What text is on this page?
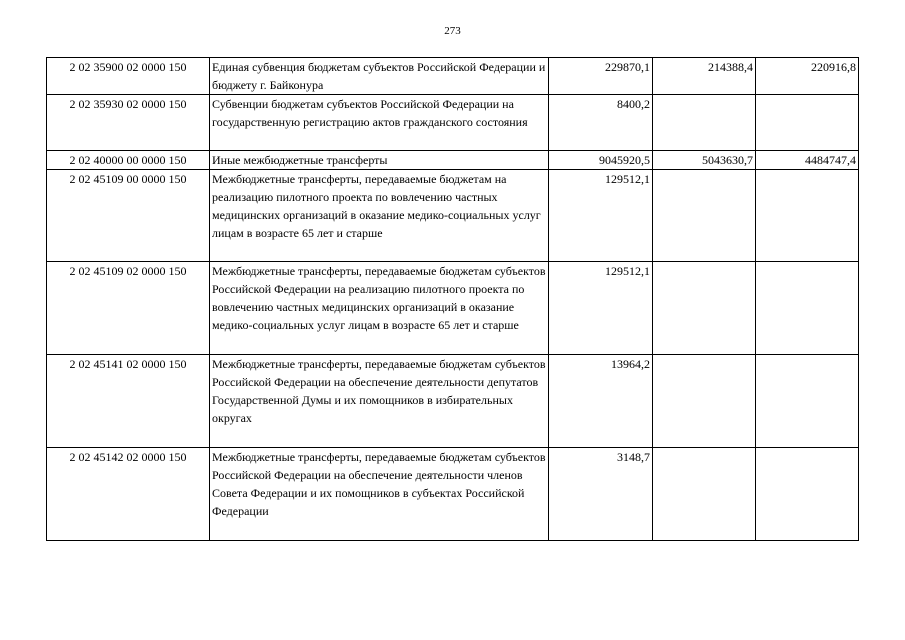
273
2 02 35900 02 0000 150	Единая субвенция бюджетам субъектов Российской Федерации и бюджету г. Байконура	229870,1	214388,4	220916,8
2 02 35930 02 0000 150	Субвенции бюджетам субъектов Российской Федерации на государственную регистрацию актов гражданского состояния	8400,2		
2 02 40000 00 0000 150	Иные межбюджетные трансферты	9045920,5	5043630,7	4484747,4
2 02 45109 00 0000 150	Межбюджетные трансферты, передаваемые бюджетам на реализацию пилотного проекта по вовлечению частных медицинских организаций в оказание медико-социальных услуг лицам в возрасте 65 лет и старше	129512,1		
2 02 45109 02 0000 150	Межбюджетные трансферты, передаваемые бюджетам субъектов Российской Федерации на реализацию пилотного проекта по вовлечению частных медицинских организаций в оказание медико-социальных услуг лицам в возрасте 65 лет и старше	129512,1		
2 02 45141 02 0000 150	Межбюджетные трансферты, передаваемые бюджетам субъектов Российской Федерации на обеспечение деятельности депутатов Государственной Думы и их помощников в избирательных округах	13964,2		
2 02 45142 02 0000 150	Межбюджетные трансферты, передаваемые бюджетам субъектов Российской Федерации на обеспечение деятельности членов Совета Федерации и их помощников в субъектах Российской Федерации	3148,7		
